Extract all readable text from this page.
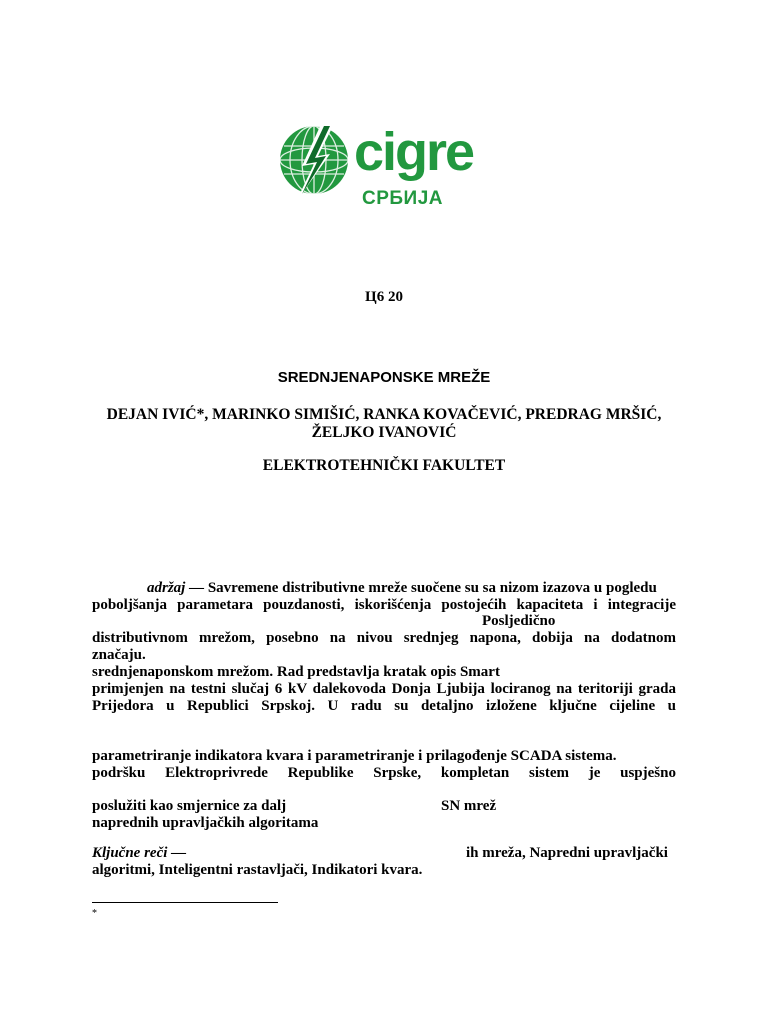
cigre
СРБИЈА
Ц6 20
SREDNJENAPONSKE MREŽE
DEJAN IVIĆ*, MARINKO SIMIŠIĆ, RANKA KOVAČEVIĆ, PREDRAG MRŠIĆ,
ŽELJKO IVANOVIĆ
ELEKTROTEHNIČKI FAKULTET
adržaj — Savremene distributivne mreže suočene su sa nizom izazova u pogledu
poboljšanja parametara pouzdanosti, iskorišćenja postojećih kapaciteta i integracije
Posljedično
distributivnom mrežom, posebno na nivou srednjeg napona, dobija na dodatnom
značaju.
srednjenaponskom mrežom. Rad predstavlja kratak opis Smart
primjenjen na testni slučaj 6 kV dalekovoda Donja Ljubija lociranog na teritoriji grada
Prijedora u Republici Srpskoj. U radu su detaljno izložene ključne cijeline u
parametriranje indikatora kvara i parametriranje i prilagođenje SCADA sistema.
podršku Elektroprivrede Republike Srpske, kompletan sistem je uspješno
poslužiti kao smjernice za dalj	SN mrež
naprednih upravljačkih algoritama
Ključne reči —	ih mreža, Napredni upravljački
algoritmi, Inteligentni rastavljači, Indikatori kvara.
*
